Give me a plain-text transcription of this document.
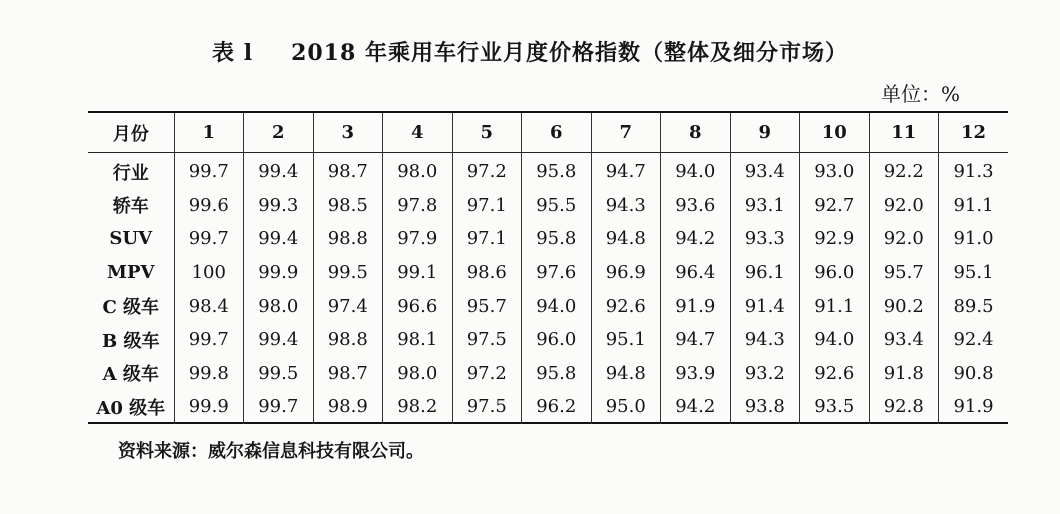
表 l 2018 年乘用车行业月度价格指数（整体及细分市场）
单位：%
月份	1	2	3	4	5	6	7	8	9	10	11	12
行业	99.7	99.4	98.7	98.0	97.2	95.8	94.7	94.0	93.4	93.0	92.2	91.3
轿车	99.6	99.3	98.5	97.8	97.1	95.5	94.3	93.6	93.1	92.7	92.0	91.1
SUV	99.7	99.4	98.8	97.9	97.1	95.8	94.8	94.2	93.3	92.9	92.0	91.0
MPV	100	99.9	99.5	99.1	98.6	97.6	96.9	96.4	96.1	96.0	95.7	95.1
C 级车	98.4	98.0	97.4	96.6	95.7	94.0	92.6	91.9	91.4	91.1	90.2	89.5
B 级车	99.7	99.4	98.8	98.1	97.5	96.0	95.1	94.7	94.3	94.0	93.4	92.4
A 级车	99.8	99.5	98.7	98.0	97.2	95.8	94.8	93.9	93.2	92.6	91.8	90.8
A0 级车	99.9	99.7	98.9	98.2	97.5	96.2	95.0	94.2	93.8	93.5	92.8	91.9
资料来源：威尔森信息科技有限公司。
